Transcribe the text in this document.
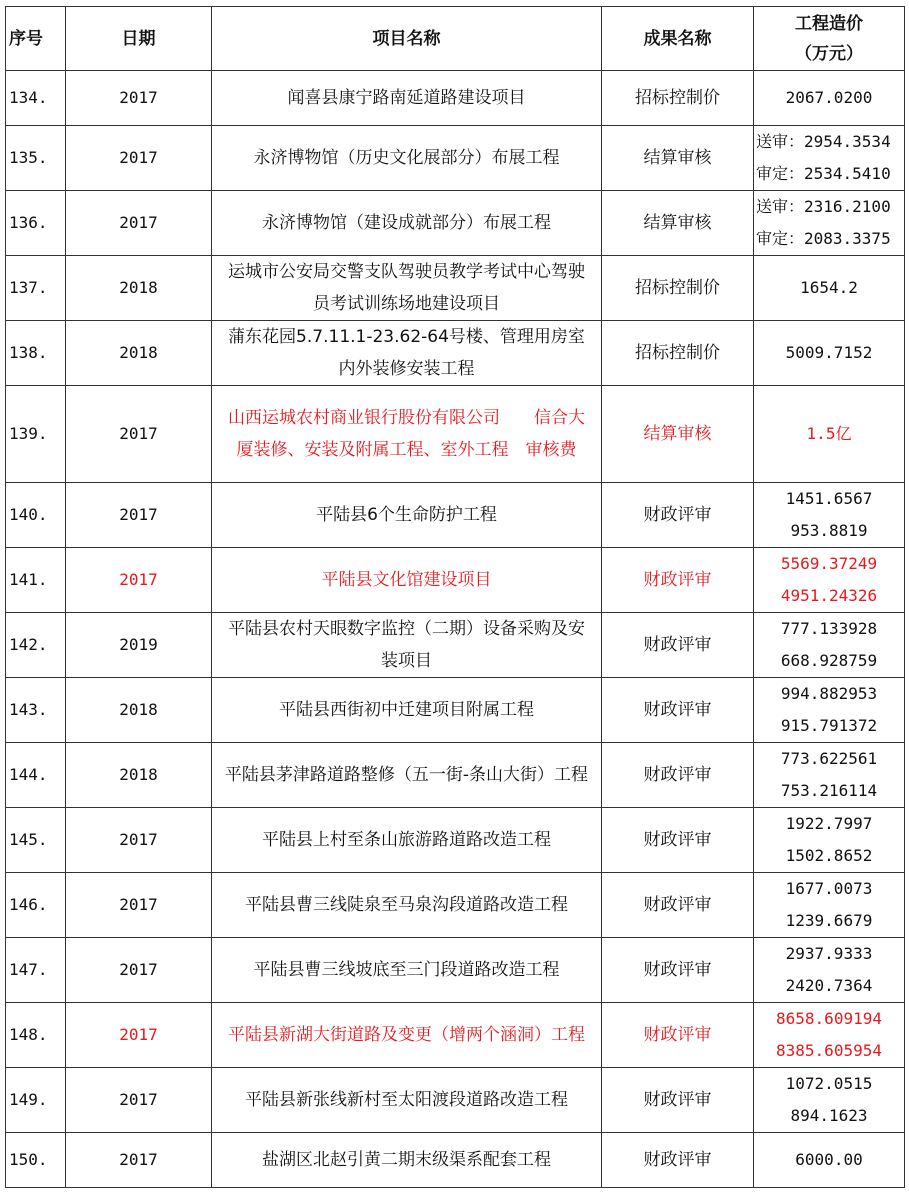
序号	日期	项目名称	成果名称	工程造价
（万元）

134.	2017	闻喜县康宁路南延道路建设项目	招标控制价	2067.0200

135.	2017	永济博物馆（历史文化展部分）布展工程	结算审核	送审：2954.3534
审定：2534.5410

136.	2017	永济博物馆（建设成就部分）布展工程	结算审核	送审：2316.2100
审定：2083.3375

137.	2018	运城市公安局交警支队驾驶员教学考试中心驾驶员考试训练场地建设项目	招标控制价	1654.2

138.	2018	蒲东花园5.7.11.1-23.62-64号楼、管理用房室内外装修安装工程	招标控制价	5009.7152

139.	2017	山西运城农村商业银行股份有限公司　　信合大厦装修、安装及附属工程、室外工程　审核费	结算审核	1.5亿

140.	2017	平陆县6个生命防护工程	财政评审	1451.6567
953.8819

141.	2017	平陆县文化馆建设项目	财政评审	5569.37249
4951.24326

142.	2019	平陆县农村天眼数字监控（二期）设备采购及安装项目	财政评审	777.133928
668.928759

143.	2018	平陆县西街初中迁建项目附属工程	财政评审	994.882953
915.791372

144.	2018	平陆县茅津路道路整修（五一街-条山大街）工程	财政评审	773.622561
753.216114

145.	2017	平陆县上村至条山旅游路道路改造工程	财政评审	1922.7997
1502.8652

146.	2017	平陆县曹三线陡泉至马泉沟段道路改造工程	财政评审	1677.0073
1239.6679

147.	2017	平陆县曹三线坡底至三门段道路改造工程	财政评审	2937.9333
2420.7364

148.	2017	平陆县新湖大街道路及变更（增两个涵洞）工程	财政评审	8658.609194
8385.605954

149.	2017	平陆县新张线新村至太阳渡段道路改造工程	财政评审	1072.0515
894.1623

150.	2017	盐湖区北赵引黄二期末级渠系配套工程	财政评审	6000.00
